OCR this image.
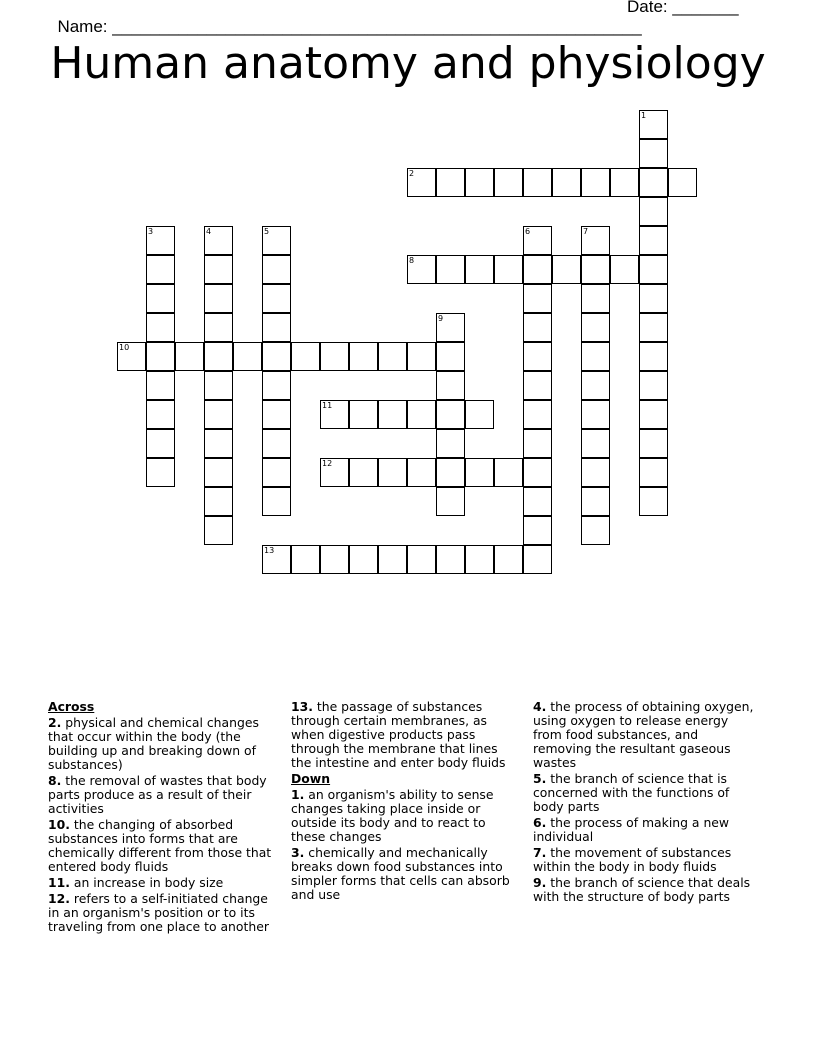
Name: ________________________________________________________

Date: _______

Human anatomy and physiology
1
2
3	4	5	6	7
8
9
10
11
12
13
Across
2. physical and chemical changes that occur within the body (the building up and breaking down of substances)
8. the removal of wastes that body parts produce as a result of their activities
10. the changing of absorbed substances into forms that are chemically different from those that entered body fluids
11. an increase in body size
12. refers to a self-initiated change in an organism's position or to its traveling from one place to another
13. the passage of substances through certain membranes, as when digestive products pass through the membrane that lines the intestine and enter body fluids
Down
1. an organism's ability to sense changes taking place inside or outside its body and to react to these changes
3. chemically and mechanically breaks down food substances into simpler forms that cells can absorb and use
4. the process of obtaining oxygen, using oxygen to release energy from food substances, and removing the resultant gaseous wastes
5. the branch of science that is concerned with the functions of body parts
6. the process of making a new individual
7. the movement of substances within the body in body fluids
9. the branch of science that deals with the structure of body parts
